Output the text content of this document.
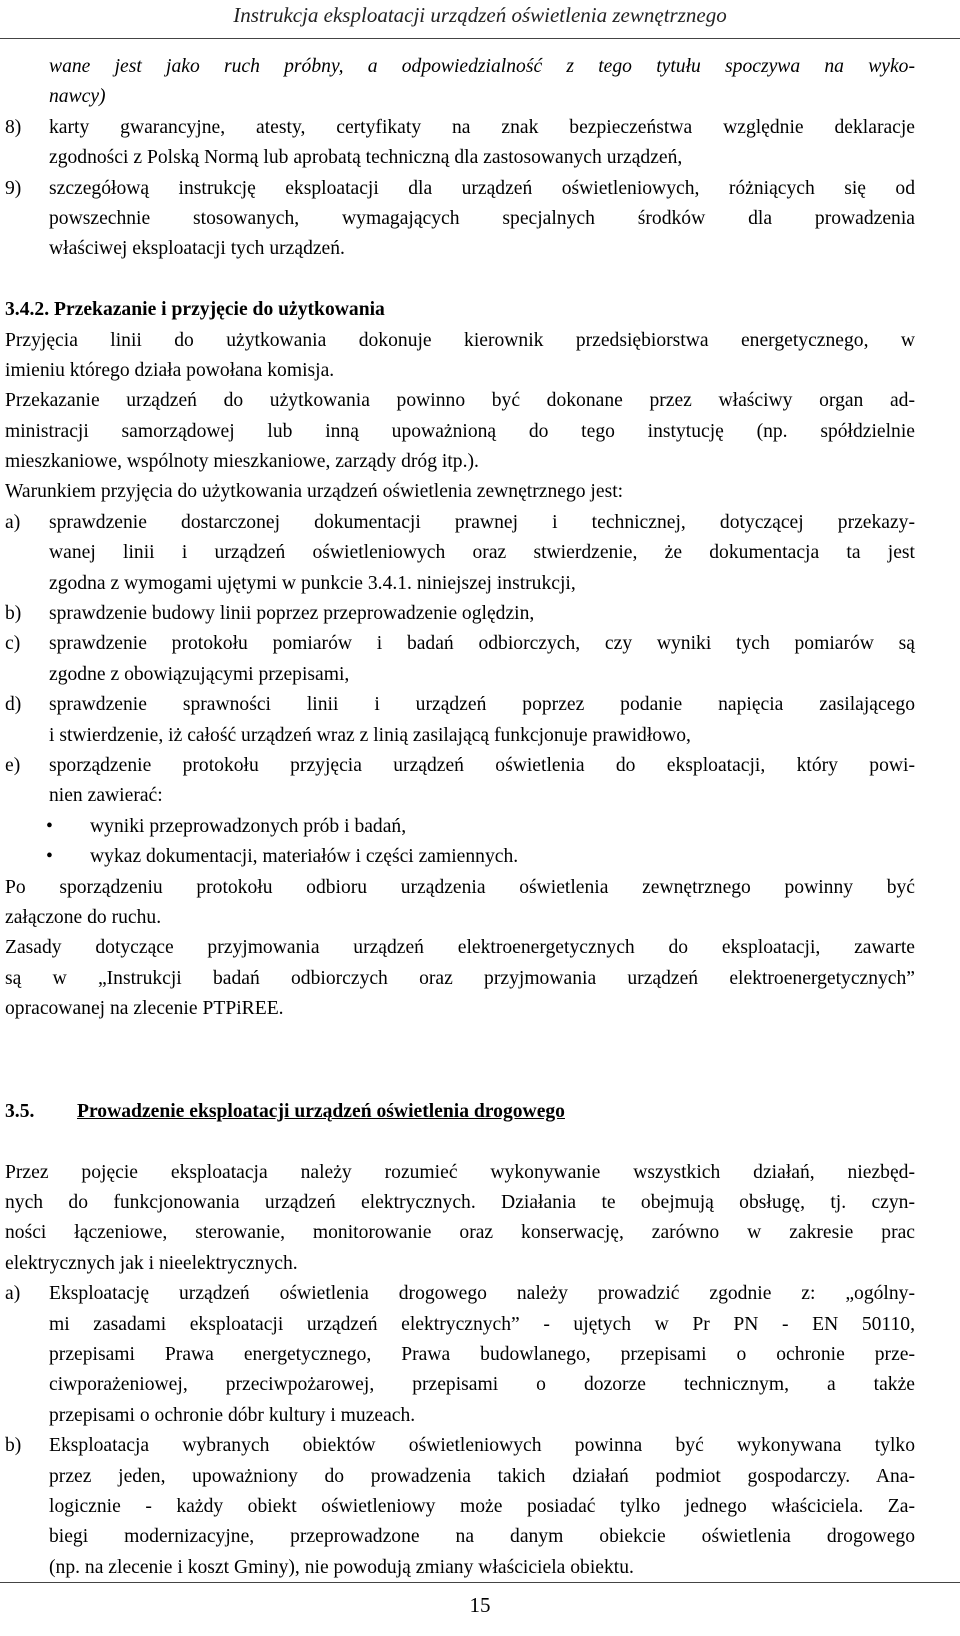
Instrukcja eksploatacji urządzeń oświetlenia zewnętrznego
wane jest jako ruch próbny, a odpowiedzialność z tego tytułu spoczywa na wyko-
nawcy)
8) karty gwarancyjne, atesty, certyfikaty na znak bezpieczeństwa względnie deklaracje
zgodności z Polską Normą lub aprobatą techniczną dla zastosowanych urządzeń,
9) szczegółową instrukcję eksploatacji dla urządzeń oświetleniowych, różniących się od
powszechnie stosowanych, wymagających specjalnych środków dla prowadzenia
właściwej eksploatacji tych urządzeń.
3.4.2. Przekazanie i przyjęcie do użytkowania
Przyjęcia linii do użytkowania dokonuje kierownik przedsiębiorstwa energetycznego, w
imieniu którego działa powołana komisja.
Przekazanie urządzeń do użytkowania powinno być dokonane przez właściwy organ ad-
ministracji samorządowej lub inną upoważnioną do tego instytucję (np. spółdzielnie
mieszkaniowe, wspólnoty mieszkaniowe, zarządy dróg itp.).
Warunkiem przyjęcia do użytkowania urządzeń oświetlenia zewnętrznego jest:
a) sprawdzenie dostarczonej dokumentacji prawnej i technicznej, dotyczącej przekazy-
wanej linii i urządzeń oświetleniowych oraz stwierdzenie, że dokumentacja ta jest
zgodna z wymogami ujętymi w punkcie 3.4.1. niniejszej instrukcji,
b) sprawdzenie budowy linii poprzez przeprowadzenie oględzin,
c) sprawdzenie protokołu pomiarów i badań odbiorczych, czy wyniki tych pomiarów są
zgodne z obowiązującymi przepisami,
d) sprawdzenie sprawności linii i urządzeń poprzez podanie napięcia zasilającego
i stwierdzenie, iż całość urządzeń wraz z linią zasilającą funkcjonuje prawidłowo,
e) sporządzenie protokołu przyjęcia urządzeń oświetlenia do eksploatacji, który powi-
nien zawierać:
• wyniki przeprowadzonych prób i badań,
• wykaz dokumentacji, materiałów i części zamiennych.
Po sporządzeniu protokołu odbioru urządzenia oświetlenia zewnętrznego powinny być
załączone do ruchu.
Zasady dotyczące przyjmowania urządzeń elektroenergetycznych do eksploatacji, zawarte
są w „Instrukcji badań odbiorczych oraz przyjmowania urządzeń elektroenergetycznych”
opracowanej na zlecenie PTPiREE.
3.5. Prowadzenie eksploatacji urządzeń oświetlenia drogowego
Przez pojęcie eksploatacja należy rozumieć wykonywanie wszystkich działań, niezbęd-
nych do funkcjonowania urządzeń elektrycznych. Działania te obejmują obsługę, tj. czyn-
ności łączeniowe, sterowanie, monitorowanie oraz konserwację, zarówno w zakresie prac
elektrycznych jak i nieelektrycznych.
a) Eksploatację urządzeń oświetlenia drogowego należy prowadzić zgodnie z: „ogólny-
mi zasadami eksploatacji urządzeń elektrycznych” - ujętych w Pr PN - EN 50110,
przepisami Prawa energetycznego, Prawa budowlanego, przepisami o ochronie prze-
ciwporażeniowej, przeciwpożarowej, przepisami o dozorze technicznym, a także
przepisami o ochronie dóbr kultury i muzeach.
b) Eksploatacja wybranych obiektów oświetleniowych powinna być wykonywana tylko
przez jeden, upoważniony do prowadzenia takich działań podmiot gospodarczy. Ana-
logicznie - każdy obiekt oświetleniowy może posiadać tylko jednego właściciela. Za-
biegi modernizacyjne, przeprowadzone na danym obiekcie oświetlenia drogowego
(np. na zlecenie i koszt Gminy), nie powodują zmiany właściciela obiektu.
15
